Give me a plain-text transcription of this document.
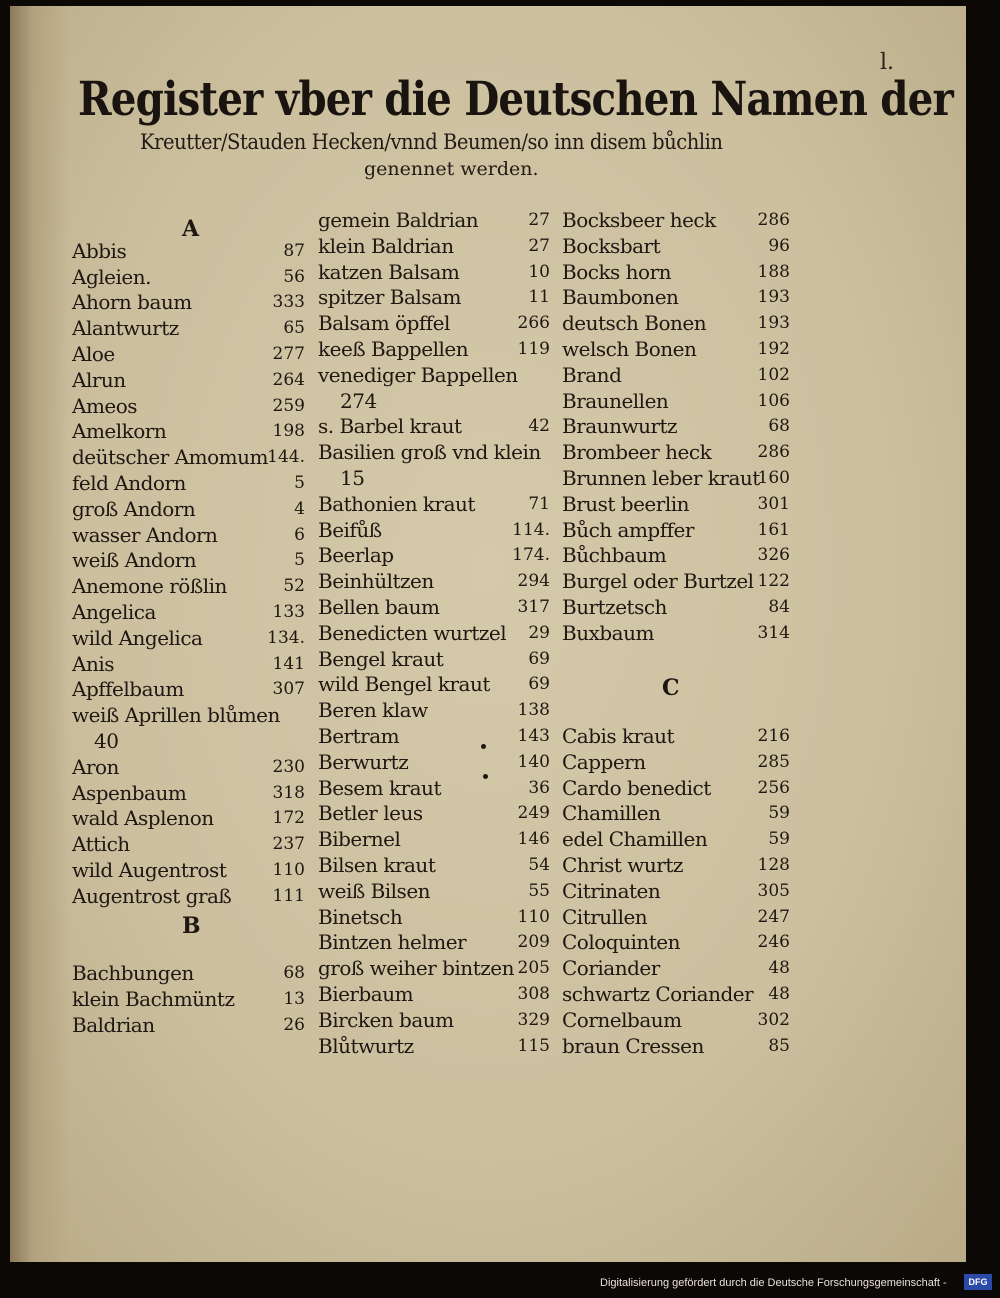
l.
Register vber die Deutschen Namen der
Kreutter/Stauden Hecken/vnnd Beumen/so inn disem bůchlin
genennet werden.
A
Abbis	87
Agleien.	56
Ahorn baum	333
Alantwurtz	65
Aloe	277
Alrun	264
Ameos	259
Amelkorn	198
deütscher Amomum 144.
feld Andorn	5
groß Andorn	4
wasser Andorn	6
weiß Andorn	5
Anemone rößlin	52
Angelica	133
wild Angelica	134.
Anis	141
Apffelbaum	307
weiß Aprillen blůmen
40
Aron	230
Aspenbaum	318
wald Asplenon	172
Attich	237
wild Augentrost	110
Augentrost graß 111
B
Bachbungen	68
klein Bachmüntz	13
Baldrian	26
gemein Baldrian	27
klein Baldrian	27
katzen Balsam	10
spitzer Balsam	11
Balsam öpffel	266
keeß Bappellen	119
venediger Bappellen
274
s. Barbel kraut	42
Basilien groß vnd klein
15
Bathonien kraut	71
Beifůß	114.
Beerlap	174.
Beinhültzen	294
Bellen baum	317
Benedicten wurtzel 29
Bengel kraut	69
wild Bengel kraut 69
Beren klaw	138
Bertram	143
Berwurtz	140
Besem kraut	36
Betler leus	249
Bibernel	146
Bilsen kraut	54
weiß Bilsen	55
Binetsch	110
Bintzen helmer	209
groß weiher bintzen 205
Bierbaum	308
Bircken baum	329
Blůtwurtz	115
Bocksbeer heck 286
Bocksbart	96
Bocks horn	188
Baumbonen	193
deutsch Bonen	193
welsch Bonen	192
Brand	102
Braunellen	106
Braunwurtz	68
Brombeer heck	286
Brunnen leber kraut
160
Brust beerlin	301
Bůch ampffer	161
Bůchbaum	326
Burgel oder Burtzel 122
Burtzetsch	84
Buxbaum	314
C
Cabis kraut	216
Cappern	285
Cardo benedict	256
Chamillen	59
edel Chamillen	59
Christ wurtz	128
Citrinaten	305
Citrullen	247
Coloquinten	246
Coriander	48
schwartz Coriander 48
Cornelbaum	302
braun Cressen	85
Digitalisierung gefördert durch die Deutsche Forschungsgemeinschaft -	DFG
